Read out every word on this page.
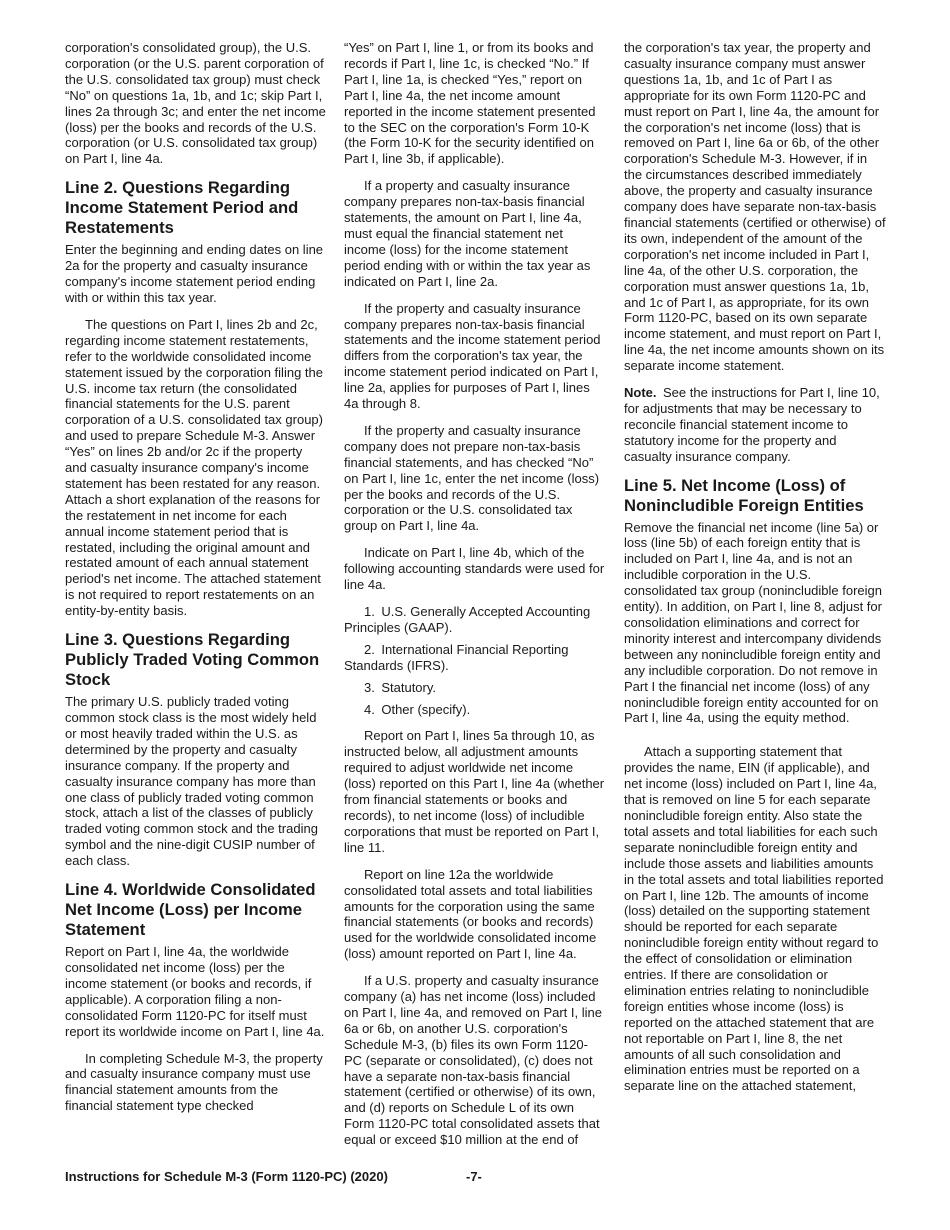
corporation's consolidated group), the U.S. corporation (or the U.S. parent corporation of the U.S. consolidated tax group) must check “No” on questions 1a, 1b, and 1c; skip Part I, lines 2a through 3c; and enter the net income (loss) per the books and records of the U.S. corporation (or U.S. consolidated tax group) on Part I, line 4a.

Line 2. Questions Regarding Income Statement Period and Restatements

Enter the beginning and ending dates on line 2a for the property and casualty insurance company's income statement period ending with or within this tax year.

The questions on Part I, lines 2b and 2c, regarding income statement restatements, refer to the worldwide consolidated income statement issued by the corporation filing the U.S. income tax return (the consolidated financial statements for the U.S. parent corporation of a U.S. consolidated tax group) and used to prepare Schedule M-3. Answer “Yes” on lines 2b and/or 2c if the property and casualty insurance company's income statement has been restated for any reason. Attach a short explanation of the reasons for the restatement in net income for each annual income statement period that is restated, including the original amount and restated amount of each annual statement period's net income. The attached statement is not required to report restatements on an entity-by-entity basis.

Line 3. Questions Regarding Publicly Traded Voting Common Stock

The primary U.S. publicly traded voting common stock class is the most widely held or most heavily traded within the U.S. as determined by the property and casualty insurance company. If the property and casualty insurance company has more than one class of publicly traded voting common stock, attach a list of the classes of publicly traded voting common stock and the trading symbol and the nine-digit CUSIP number of each class.

Line 4. Worldwide Consolidated Net Income (Loss) per Income Statement

Report on Part I, line 4a, the worldwide consolidated net income (loss) per the income statement (or books and records, if applicable). A corporation filing a non-consolidated Form 1120-PC for itself must report its worldwide income on Part I, line 4a.

In completing Schedule M-3, the property and casualty insurance company must use financial statement amounts from the financial statement type checked

“Yes” on Part I, line 1, or from its books and records if Part I, line 1c, is checked “No.” If Part I, line 1a, is checked “Yes,” report on Part I, line 4a, the net income amount reported in the income statement presented to the SEC on the corporation's Form 10-K (the Form 10-K for the security identified on Part I, line 3b, if applicable).

If a property and casualty insurance company prepares non-tax-basis financial statements, the amount on Part I, line 4a, must equal the financial statement net income (loss) for the income statement period ending with or within the tax year as indicated on Part I, line 2a.

If the property and casualty insurance company prepares non-tax-basis financial statements and the income statement period differs from the corporation's tax year, the income statement period indicated on Part I, line 2a, applies for purposes of Part I, lines 4a through 8.

If the property and casualty insurance company does not prepare non-tax-basis financial statements, and has checked “No” on Part I, line 1c, enter the net income (loss) per the books and records of the U.S. corporation or the U.S. consolidated tax group on Part I, line 4a.

Indicate on Part I, line 4b, which of the following accounting standards were used for line 4a.

1. U.S. Generally Accepted Accounting Principles (GAAP).

2. International Financial Reporting Standards (IFRS).

3. Statutory.

4. Other (specify).

Report on Part I, lines 5a through 10, as instructed below, all adjustment amounts required to adjust worldwide net income (loss) reported on this Part I, line 4a (whether from financial statements or books and records), to net income (loss) of includible corporations that must be reported on Part I, line 11.

Report on line 12a the worldwide consolidated total assets and total liabilities amounts for the corporation using the same financial statements (or books and records) used for the worldwide consolidated income (loss) amount reported on Part I, line 4a.

If a U.S. property and casualty insurance company (a) has net income (loss) included on Part I, line 4a, and removed on Part I, line 6a or 6b, on another U.S. corporation's Schedule M-3, (b) files its own Form 1120-PC (separate or consolidated), (c) does not have a separate non-tax-basis financial statement (certified or otherwise) of its own, and (d) reports on Schedule L of its own Form 1120-PC total consolidated assets that equal or exceed $10 million at the end of

the corporation's tax year, the property and casualty insurance company must answer questions 1a, 1b, and 1c of Part I as appropriate for its own Form 1120-PC and must report on Part I, line 4a, the amount for the corporation's net income (loss) that is removed on Part I, line 6a or 6b, of the other corporation's Schedule M-3. However, if in the circumstances described immediately above, the property and casualty insurance company does have separate non-tax-basis financial statements (certified or otherwise) of its own, independent of the amount of the corporation's net income included in Part I, line 4a, of the other U.S. corporation, the corporation must answer questions 1a, 1b, and 1c of Part I, as appropriate, for its own Form 1120-PC, based on its own separate income statement, and must report on Part I, line 4a, the net income amounts shown on its separate income statement.

Note.  See the instructions for Part I, line 10, for adjustments that may be necessary to reconcile financial statement income to statutory income for the property and casualty insurance company.

Line 5. Net Income (Loss) of Nonincludible Foreign Entities

Remove the financial net income (line 5a) or loss (line 5b) of each foreign entity that is included on Part I, line 4a, and is not an includible corporation in the U.S. consolidated tax group (nonincludible foreign entity). In addition, on Part I, line 8, adjust for consolidation eliminations and correct for minority interest and intercompany dividends between any nonincludible foreign entity and any includible corporation. Do not remove in Part I the financial net income (loss) of any nonincludible foreign entity accounted for on Part I, line 4a, using the equity method.

Attach a supporting statement that provides the name, EIN (if applicable), and net income (loss) included on Part I, line 4a, that is removed on line 5 for each separate nonincludible foreign entity. Also state the total assets and total liabilities for each such separate nonincludible foreign entity and include those assets and liabilities amounts in the total assets and total liabilities reported on Part I, line 12b. The amounts of income (loss) detailed on the supporting statement should be reported for each separate nonincludible foreign entity without regard to the effect of consolidation or elimination entries. If there are consolidation or elimination entries relating to nonincludible foreign entities whose income (loss) is reported on the attached statement that are not reportable on Part I, line 8, the net amounts of all such consolidation and elimination entries must be reported on a separate line on the attached statement,

Instructions for Schedule M-3 (Form 1120-PC) (2020)	-7-
